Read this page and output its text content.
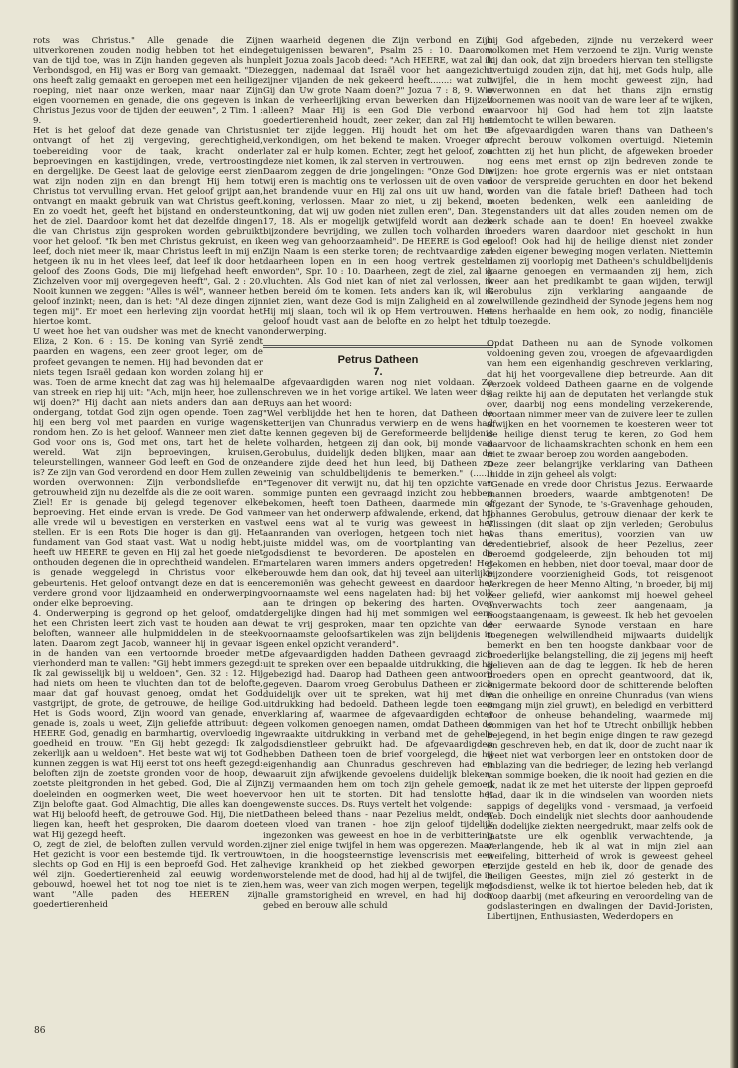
rots was Christus." Alle genade die Zijn uitverkorenen zouden nodig hebben tot het einde van de tijd toe, was in Zijn handen gegeven als hun Verbondsgod, en Hij was er Borg van gemaakt. "Die ons heeft zalig gemaakt en geroepen met een heilige roeping, niet naar onze werken, maar naar Zijn eigen voornemen en genade, die ons gegeven is in Christus Jezus voor de tijden der eeuwen", 2 Tim. 1 : 9.

Het is het geloof dat deze genade van Christus ontvangt of het zij vergeving, gerechtigheid, toebereiding voor de taak, kracht onder beproevingen en kastijdingen, vrede, vertroosting en dergelijke. De Geest laat de gelovige eerst zien wat zijn noden zijn en dan brengt Hij hem tot Christus tot vervulling ervan. Het geloof grijpt aan, ontvangt en maakt gebruik van wat Christus geeft. En zo voedt het, geeft het bijstand en ondersteunt het de ziel. Daardoor komt het dat dezelfde dingen die van Christus zijn gesproken worden gebruikt voor het geloof. "Ik ben met Christus gekruist, en ik leef, doch niet meer ik, maar Christus leeft in mij en hetgeen ik nu in het vlees leef, dat leef ik door het geloof des Zoons Gods, Die mij liefgehad heeft en Zichzelven voor mij overgegeven heeft", Gal. 2 : 20. Nooit kunnen we zeggen: "Alles is wél", wanneer het geloof inzinkt; neen, dan is het: "Al deze dingen zijn tegen mij". Er moet een herleving zijn voordat het hiertoe komt.

U weet hoe het van oudsher was met de knecht van Eliza, 2 Kon. 6 : 15. De koning van Syrië zendt paarden en wagens, een zeer groot leger, om de profeet gevangen te nemen. Hij had bevonden dat er niets tegen Israël gedaan kon worden zolang hij er was. Toen de arme knecht dat zag was hij helemaal van streek en riep hij uit: "Ach, mijn heer, hoe zullen wij doen?" Hij dacht aan niets anders dan aan de ondergang, totdat God zijn ogen opende. Toen zag hij een berg vol met paarden en vurige wagens rondom hen. Zo is het geloof. Wanneer men ziet dat God voor ons is, God met ons, tart het de hele wereld. Wat zijn beproevingen, kruisen, teleurstellingen, wanneer God leeft en God de onze is? Ze zijn van God verordend en door Hem zullen ze worden overwonnen: Zijn verbondsliefde en getrouwheid zijn nu dezelfde als die ze ooit waren.

Ziel! Er is genade bij gelegd tegenover elke beproeving. Het einde ervan is vrede. De God van alle vrede wil u bevestigen en versterken en vast stellen. Er is een Rots Die hoger is dan gij. Het fundament van God staat vast. Wat u nodig hebt, heeft uw HEERE te geven en Hij zal het goede niet onthouden degenen die in oprechtheid wandelen. Er is genade weggelegd in Christus voor elke gebeurtenis. Het geloof ontvangt deze en dat is een verdere grond voor lijdzaamheid en onderwerping onder elke beproeving.

4. Onderwerping is gegrond op het geloof, omdat het een Christen leert zich vast te houden aan de beloften, wanneer alle hulpmiddelen in de steek laten. Daarom zegt Jacob, wanneer hij in gevaar is in de handen van een vertoornde broeder met vierhonderd man te vallen: "Gij hebt immers gezegd: Ik zal gewisselijk bij u weldoen", Gen. 32 : 12. Hij had niets om heen te vluchten dan tot de belofte, maar dat gaf houvast genoeg, omdat het God vastgrijpt, de grote, de getrouwe, de heilige God. Het is Gods woord, Zijn woord van genade, en genade is, zoals u weet, Zijn geliefde attribuut: de HEERE God, genadig en barmhartig, overvloedig in goedheid en trouw. "En Gij hebt gezegd: Ik zal zekerlijk aan u weldoen". Het beste wat wij tot God kunnen zeggen is wat Hij eerst tot ons heeft gezegd: beloften zijn de zoetste gronden voor de hoop, de zoetste pleitgronden in het gebed. God, Die al Zijn doeleinden en oogmerken weet, Die weet hoever Zijn belofte gaat. God Almachtig, Die alles kan doen wat Hij beloofd heeft, de getrouwe God. Hij, Die niet liegen kan, heeft het gesproken, Die daarom doet wat Hij gezegd heeft.

O, zegt de ziel, de beloften zullen vervuld worden. Het gezicht is voor een bestemde tijd. Ik vertrouw slechts op God en Hij is een beproefd God. Het zal wél zijn. Goedertierenheid zal eeuwig worden gebouwd, hoewel het tot nog toe niet is te zien, want "Alle paden des HEEREN zijn goedertierenheid

en waarheid degenen die Zijn verbond en Zijn getuigenissen bewaren", Psalm 25 : 10. Daarom pleit Jozua zoals Jacob deed: "Ach HEERE, wat zal ik zeggen, nademaal dat Israël voor het aangezicht zijner vijanden de nek gekeerd heeft.......: wat zult Gij dan Uw grote Naam doen?" Jozua 7 : 8, 9. Wie kan de verheerlijking ervan bewerken dan Hijzelf alleen? Maar Hij is een God Die verbond en goedertierenheid houdt, zeer zeker, dan zal Hij het niet ter zijde leggen. Hij houdt het om het te verkondigen, om het bekend te maken. Vroeger of later zal er hulp komen. Echter, zegt het geloof, zou deze niet komen, ik zal sterven in vertrouwen.

Daarom zeggen de drie jongelingen: "Onze God Die wij eren is machtig ons te verlossen uit de oven van het brandende vuur en Hij zal ons uit uw hand, o koning, verlossen. Maar zo niet, u zij bekend, o koning, dat wij uw goden niet zullen eren", Dan. 3 : 17, 18. Als er mogelijk getwijfeld wordt aan deze bijzondere bevrijding, we zullen toch volharden in een weg van gehoorzaamheid". De HEERE is God en Zijn Naam is een sterke toren; de rechtvaardige zal daarheen lopen en in een hoog vertrek gesteld worden", Spr. 10 : 10. Daarheen, zegt de ziel, zal ik vluchten. Als God niet kan of niet zal verlossen, ik ben bereid óm te komen. Iets anders kan ik, wil ik niet zien, want deze God is mijn Zaligheid en al zou Hij mij slaan, toch wil ik op Hem vertrouwen. Het geloof houdt vast aan de belofte en zo helpt het tot onderwerping.

Petrus Datheen

7.

De afgevaardigden waren nog niet voldaan. Zo schreven we in het vorige artikel. We laten weer ds. Ruys aan het woord:

"Wel verblijdde het hen te horen, dat Datheen de ketterijen van Chunradus verwierp en de wens had te kennen gegeven bij de Gereformeerde belijdenis te volharden, hetgeen zij dan ook, bij monde van Gerobulus, duidelijk deden blijken, maar aan de andere zijde deed het hun leed, bij Datheen zo weinig van schuldbelijdenis te bemerken." (......) "Tegenover dit verwijt nu, dat hij ten opzichte van sommige punten een gevraagd inzicht zou hebben bekomen, heeft toen Datheen, daarmede min of meer van het onderwerp afdwalende, erkend, dat hij wel eens wat al te vurig was geweest in het aanranden van overlogen, hetgeen toch niet het juiste middel was, om de voortplanting van de godsdienst te bevorderen. De apostelen en de martelaren waren immers anders opgetreden! Het berouwde hem dan ook, dat hij teveel aan uiterlijke ceremoniën was gehecht geweest en daardoor het voornaamste wel eens nagelaten had: bij het volk aan te dringen op bekering des harten. Over dergelijke dingen had hij met sommigen wel eens wat te vrij gesproken, maar ten opzichte van de voornaamste geloofsartikelen was zijn belijdenis in geen enkel opzicht veranderd".

De afgevaardigden hadden Datheen gevraagd zich uit te spreken over een bepaalde uitdrukking, die hij gebezigd had. Daarop had Datheen geen antwoord gegeven. Daarom vroeg Gerobulus Datheen er zich duidelijk over uit te spreken, wat hij met die uitdrukking had bedoeld. Datheen legde toen een verklaring af, waarmee de afgevaardigden echter geen volkomen genoegen namen, omdat Datheen de gewraakte uitdrukking in verband met de gehele godsdienstleer gebruikt had. De afgevaardigden hebben Datheen toen de brief voorgelegd, die hij eigenhandig aan Chunradus geschreven had en waaruit zijn afwijkende gevoelens duidelijk bleken. Zij vermaanden hem om toch zijn gehele gemoed voor hen uit te storten. Dit had tenslotte het gewenste succes. Ds. Ruys vertelt het volgende:

Datheen beleed thans - naar Pezelius meldt, onder een vloed van tranen - hoe zijn geloof tijdelijk ingezonken was geweest en hoe in de verbittering zijner ziel enige twijfel in hem was opgerezen. Maar toen, in die hoogsteernstige levenscrisis met een hevige krankheid op het ziekbed geworpen en worstelende met de dood, had hij al de twijfel, die in hem was, weer van zich mogen werpen, tegelijk met alle gramstorigheid en wrevel, en had hij door gebed en berouw alle schuld

bij God afgebeden, zijnde nu verzekerd weer volkomen met Hem verzoend te zijn. Vurig wenste hij dan ook, dat zijn broeders hiervan ten stelligste overtuigd zouden zijn, dat hij, met Gods hulp, alle twijfel, die in hem mocht geweest zijn, had overwonnen en dat het thans zijn ernstig voornemen was nooit van de ware leer af te wijken, waarvoor hij God had hem tot zijn laatste ademtocht te willen bewaren.

De afgevaardigden waren thans van Datheen's oprecht berouw volkomen overtuigd. Nietemin achtten zij het hun plicht, de afgeweken broeder nog eens met ernst op zijn bedreven zonde te wijzen: hoe grote ergernis was er niet ontstaan door de verspreide geruchten en door het bekend worden van die fatale brief! Datheen had toch moeten bedenken, welk een aanleiding de tegenstanders uit dat alles zouden nemen om de kerk schade aan te doen! En hoeveel zwakke broeders waren daardoor niet geschokt in hun geloof! Ook had hij de heilige dienst niet zonder reden eigener beweging mogen verlaten. Niettemin namen zij voorlopig met Datheen's schuldbelijdenis gaarne genoegen en vermaanden zij hem, zich weer aan het predikambt te gaan wijden, terwijl Gerobulus zijn verklaring aangaande de welwillende gezindheid der Synode jegens hem nog eens herhaalde en hem ook, zo nodig, financiële hulp toezegde.

Opdat Datheen nu aan de Synode volkomen voldoening geven zou, vroegen de afgevaardigden van hem een eigenhandig geschreven verklaring, dat hij het voorgevallene diep betreurde. Aan dit verzoek voldeed Datheen gaarne en de volgende dag reikte hij aan de deputaten het verlangde stuk over, daarbij nog eens mondeling verzekerende, voortaan nimmer meer van de zuivere leer te zullen afwijken en het voornemen te koesteren weer tot de heilige dienst terug te keren, zo God hem daarvoor de lichaamskrachten schonk en hem een niet te zwaar beroep zou worden aangeboden.

Deze zeer belangrijke verklaring van Datheen luidde in zijn geheel als volgt:

"Genade en vrede door Christus Jezus. Eerwaarde mannen broeders, waarde ambtgenoten! De afgezant der Synode, te 's-Gravenhage gehouden, Johannes Gerobulus, getrouw dienaar der kerk te Vlissingen (dit slaat op zijn verleden; Gerobulus was thans emeritus), voorzien van uw credentiebrief, alsook de heer Pezelius, zeer beroemd godgeleerde, zijn behouden tot mij gekomen en hebben, niet door toeval, maar door de bijzondere voorzienigheid Gods, tot reisgenoot verkregen de heer Menno Alting, 'n broeder, bij mij zeer geliefd, wier aankomst mij hoewel geheel onverwachts toch zeer aangenaam, ja hoogstaangenaam, is geweest. Ik heb het gevoelen der eerwaarde Synode verstaan en hare toegenegen welwillendheid mijwaarts duidelijk bemerkt en ben ten hoogste dankbaar voor de broederlijke belangstelling, die zij jegens mij heeft gelieven aan de dag te leggen. Ik heb de heren broeders open en oprecht geantwoord, dat ik, enigermate bekoord door de schitterende beloften van die onheilige en onreine Chunradus (van wiens omgang mijn ziel gruwt), en beledigd en verbitterd door de onheuse behandeling, waarmede mij sommigen van het hof te Utrecht onbillijk hebben bejegend, in het begin enige dingen te raw gezegd en geschreven heb, en dat ik, door de zucht naar ik weet niet wat verborgen leer en ontstoken door de inblazing van die bedrieger, de lezing heb verlangd van sommige boeken, die ik nooit had gezien en die ik, nadat ik ze met het uiterste der lippen geproefd had, daar ik in die windselen van woorden niets sappigs of degelijks vond - versmaad, ja verfoeid heb. Doch eindelijk niet slechts door aanhoudende en dodelijke ziekten neergedrukt, maar zelfs ook de laatste ure elk ogenblik verwachtende, ja verlangende, heb ik al wat in mijn ziel aan weifeling, bitterheid of wrok is geweest geheel terzijde gesteld en heb ik, door de genade des heiligen Geestes, mijn ziel zó gesterkt in de godsdienst, welke ik tot hiertoe beleden heb, dat ik hoop daarbij (met afkeuring en veroordeling van de godslasteringen en dwalingen der David-Joristen, Libertijnen, Enthusiasten, Wederdopers en

86
